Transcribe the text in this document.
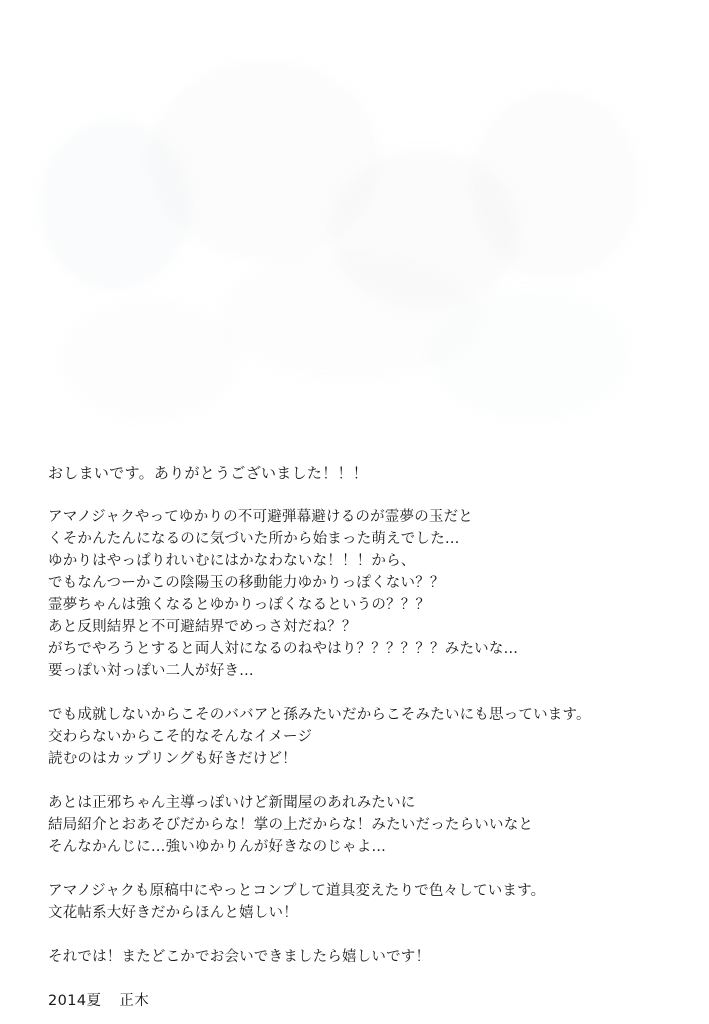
おしまいです。ありがとうございました！！！
アマノジャクやってゆかりの不可避弾幕避けるのが霊夢の玉だと
くそかんたんになるのに気づいた所から始まった萌えでした…
ゆかりはやっぱりれいむにはかなわないな！！！から、
でもなんつーかこの陰陽玉の移動能力ゆかりっぽくない？？
霊夢ちゃんは強くなるとゆかりっぽくなるというの？？？
あと反則結界と不可避結界でめっさ対だね？？
がちでやろうとすると両人対になるのねやはり？？？？？？みたいな…
要っぽい対っぽい二人が好き…
でも成就しないからこそのババアと孫みたいだからこそみたいにも思っています。
交わらないからこそ的なそんなイメージ
読むのはカップリングも好きだけど！
あとは正邪ちゃん主導っぽいけど新聞屋のあれみたいに
結局紹介とおあそびだからな！掌の上だからな！みたいだったらいいなと
そんなかんじに…強いゆかりんが好きなのじゃよ…
アマノジャクも原稿中にやっとコンプして道具変えたりで色々しています。
文花帖系大好きだからほんと嬉しい！
それでは！またどこかでお会いできましたら嬉しいです！
2014夏 正木
